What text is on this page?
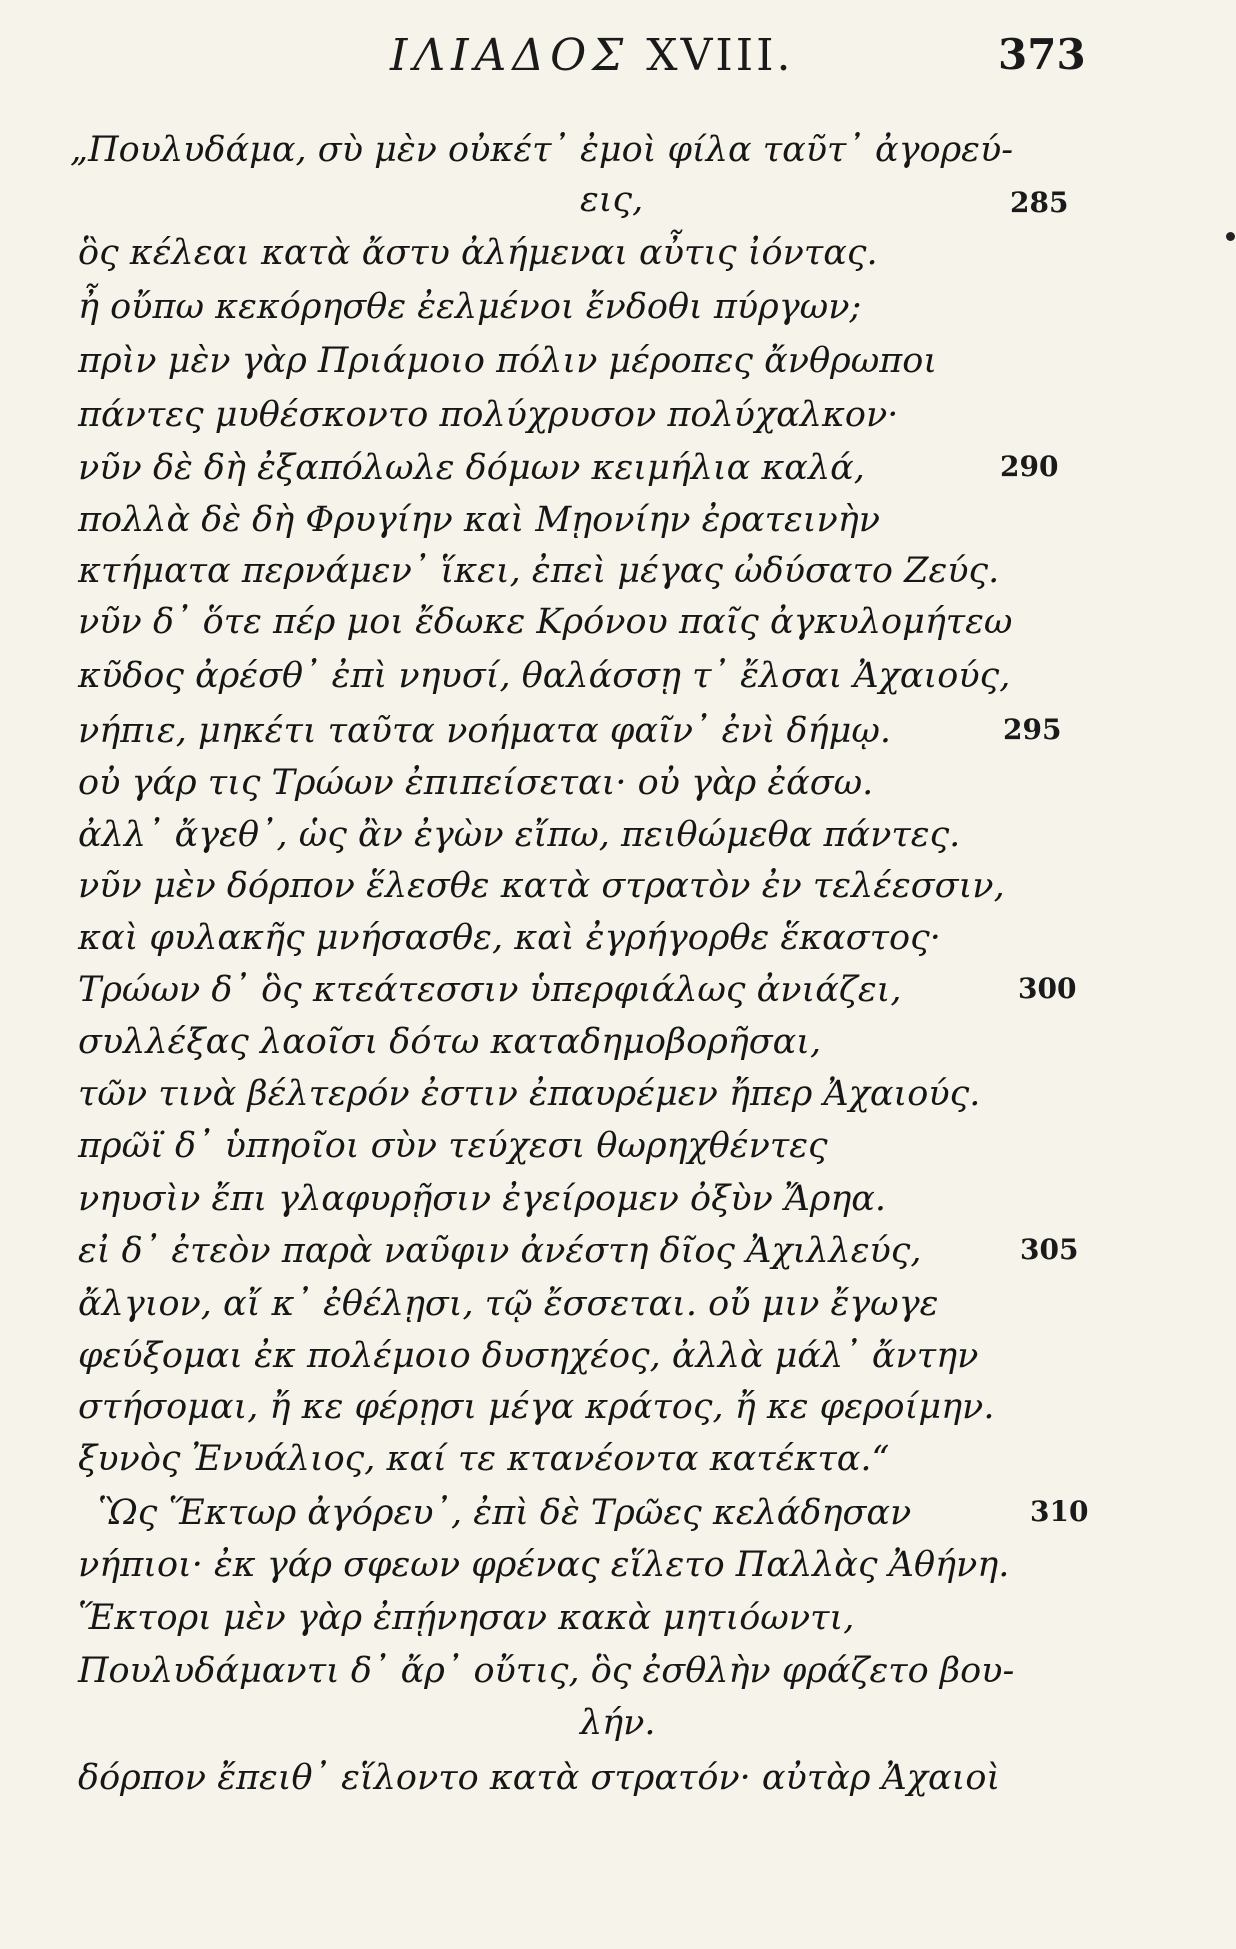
ΙΛΙΑΔΟΣ XVIII.	373
„Πουλυδάμα, σὺ μὲν οὐκέτ᾽ ἐμοὶ φίλα ταῦτ᾽ ἀγορεύ-
εις,
ὃς κέλεαι κατὰ ἄστυ ἀλήμεναι αὖτις ἰόντας.
ἦ οὔπω κεκόρησθε ἐελμένοι ἔνδοθι πύργων;
πρὶν μὲν γὰρ Πριάμοιο πόλιν μέροπες ἄνθρωποι
πάντες μυθέσκοντο πολύχρυσον πολύχαλκον·
νῦν δὲ δὴ ἐξαπόλωλε δόμων κειμήλια καλά,
πολλὰ δὲ δὴ Φρυγίην καὶ Μῃονίην ἐρατεινὴν
κτήματα περνάμεν᾽ ἵκει, ἐπεὶ μέγας ὠδύσατο Ζεύς.
νῦν δ᾽ ὅτε πέρ μοι ἔδωκε Κρόνου παῖς ἀγκυλομήτεω
κῦδος ἀρέσθ᾽ ἐπὶ νηυσί, θαλάσσῃ τ᾽ ἔλσαι Ἀχαιούς,
νήπιε, μηκέτι ταῦτα νοήματα φαῖν᾽ ἐνὶ δήμῳ.
οὐ γάρ τις Τρώων ἐπιπείσεται· οὐ γὰρ ἐάσω.
ἀλλ᾽ ἄγεθ᾽, ὡς ἂν ἐγὼν εἴπω, πειθώμεθα πάντες.
νῦν μὲν δόρπον ἕλεσθε κατὰ στρατὸν ἐν τελέεσσιν,
καὶ φυλακῆς μνήσασθε, καὶ ἐγρήγορθε ἕκαστος·
Τρώων δ᾽ ὃς κτεάτεσσιν ὑπερφιάλως ἀνιάζει,
συλλέξας λαοῖσι δότω καταδημοβορῆσαι,
τῶν τινὰ βέλτερόν ἐστιν ἐπαυρέμεν ἤπερ Ἀχαιούς.
πρῶϊ δ᾽ ὑπηοῖοι σὺν τεύχεσι θωρηχθέντες
νηυσὶν ἔπι γλαφυρῇσιν ἐγείρομεν ὀξὺν Ἄρηα.
εἰ δ᾽ ἐτεὸν παρὰ ναῦφιν ἀνέστη δῖος Ἀχιλλεύς,
ἄλγιον, αἴ κ᾽ ἐθέλῃσι, τῷ ἔσσεται. οὔ μιν ἔγωγε
φεύξομαι ἐκ πολέμοιο δυσηχέος, ἀλλὰ μάλ᾽ ἄντην
στήσομαι, ἤ κε φέρῃσι μέγα κράτος, ἤ κε φεροίμην.
ξυνὸς Ἐνυάλιος, καί τε κτανέοντα κατέκτα.“
Ὣς Ἕκτωρ ἀγόρευ᾽, ἐπὶ δὲ Τρῶες κελάδησαν
νήπιοι· ἐκ γάρ σφεων φρένας εἵλετο Παλλὰς Ἀθήνη.
Ἕκτορι μὲν γὰρ ἐπῄνησαν κακὰ μητιόωντι,
Πουλυδάμαντι δ᾽ ἄρ᾽ οὔτις, ὃς ἐσθλὴν φράζετο βου-
λήν.
δόρπον ἔπειθ᾽ εἵλοντο κατὰ στρατόν· αὐτὰρ Ἀχαιοὶ
285
290
295
300
305
310
